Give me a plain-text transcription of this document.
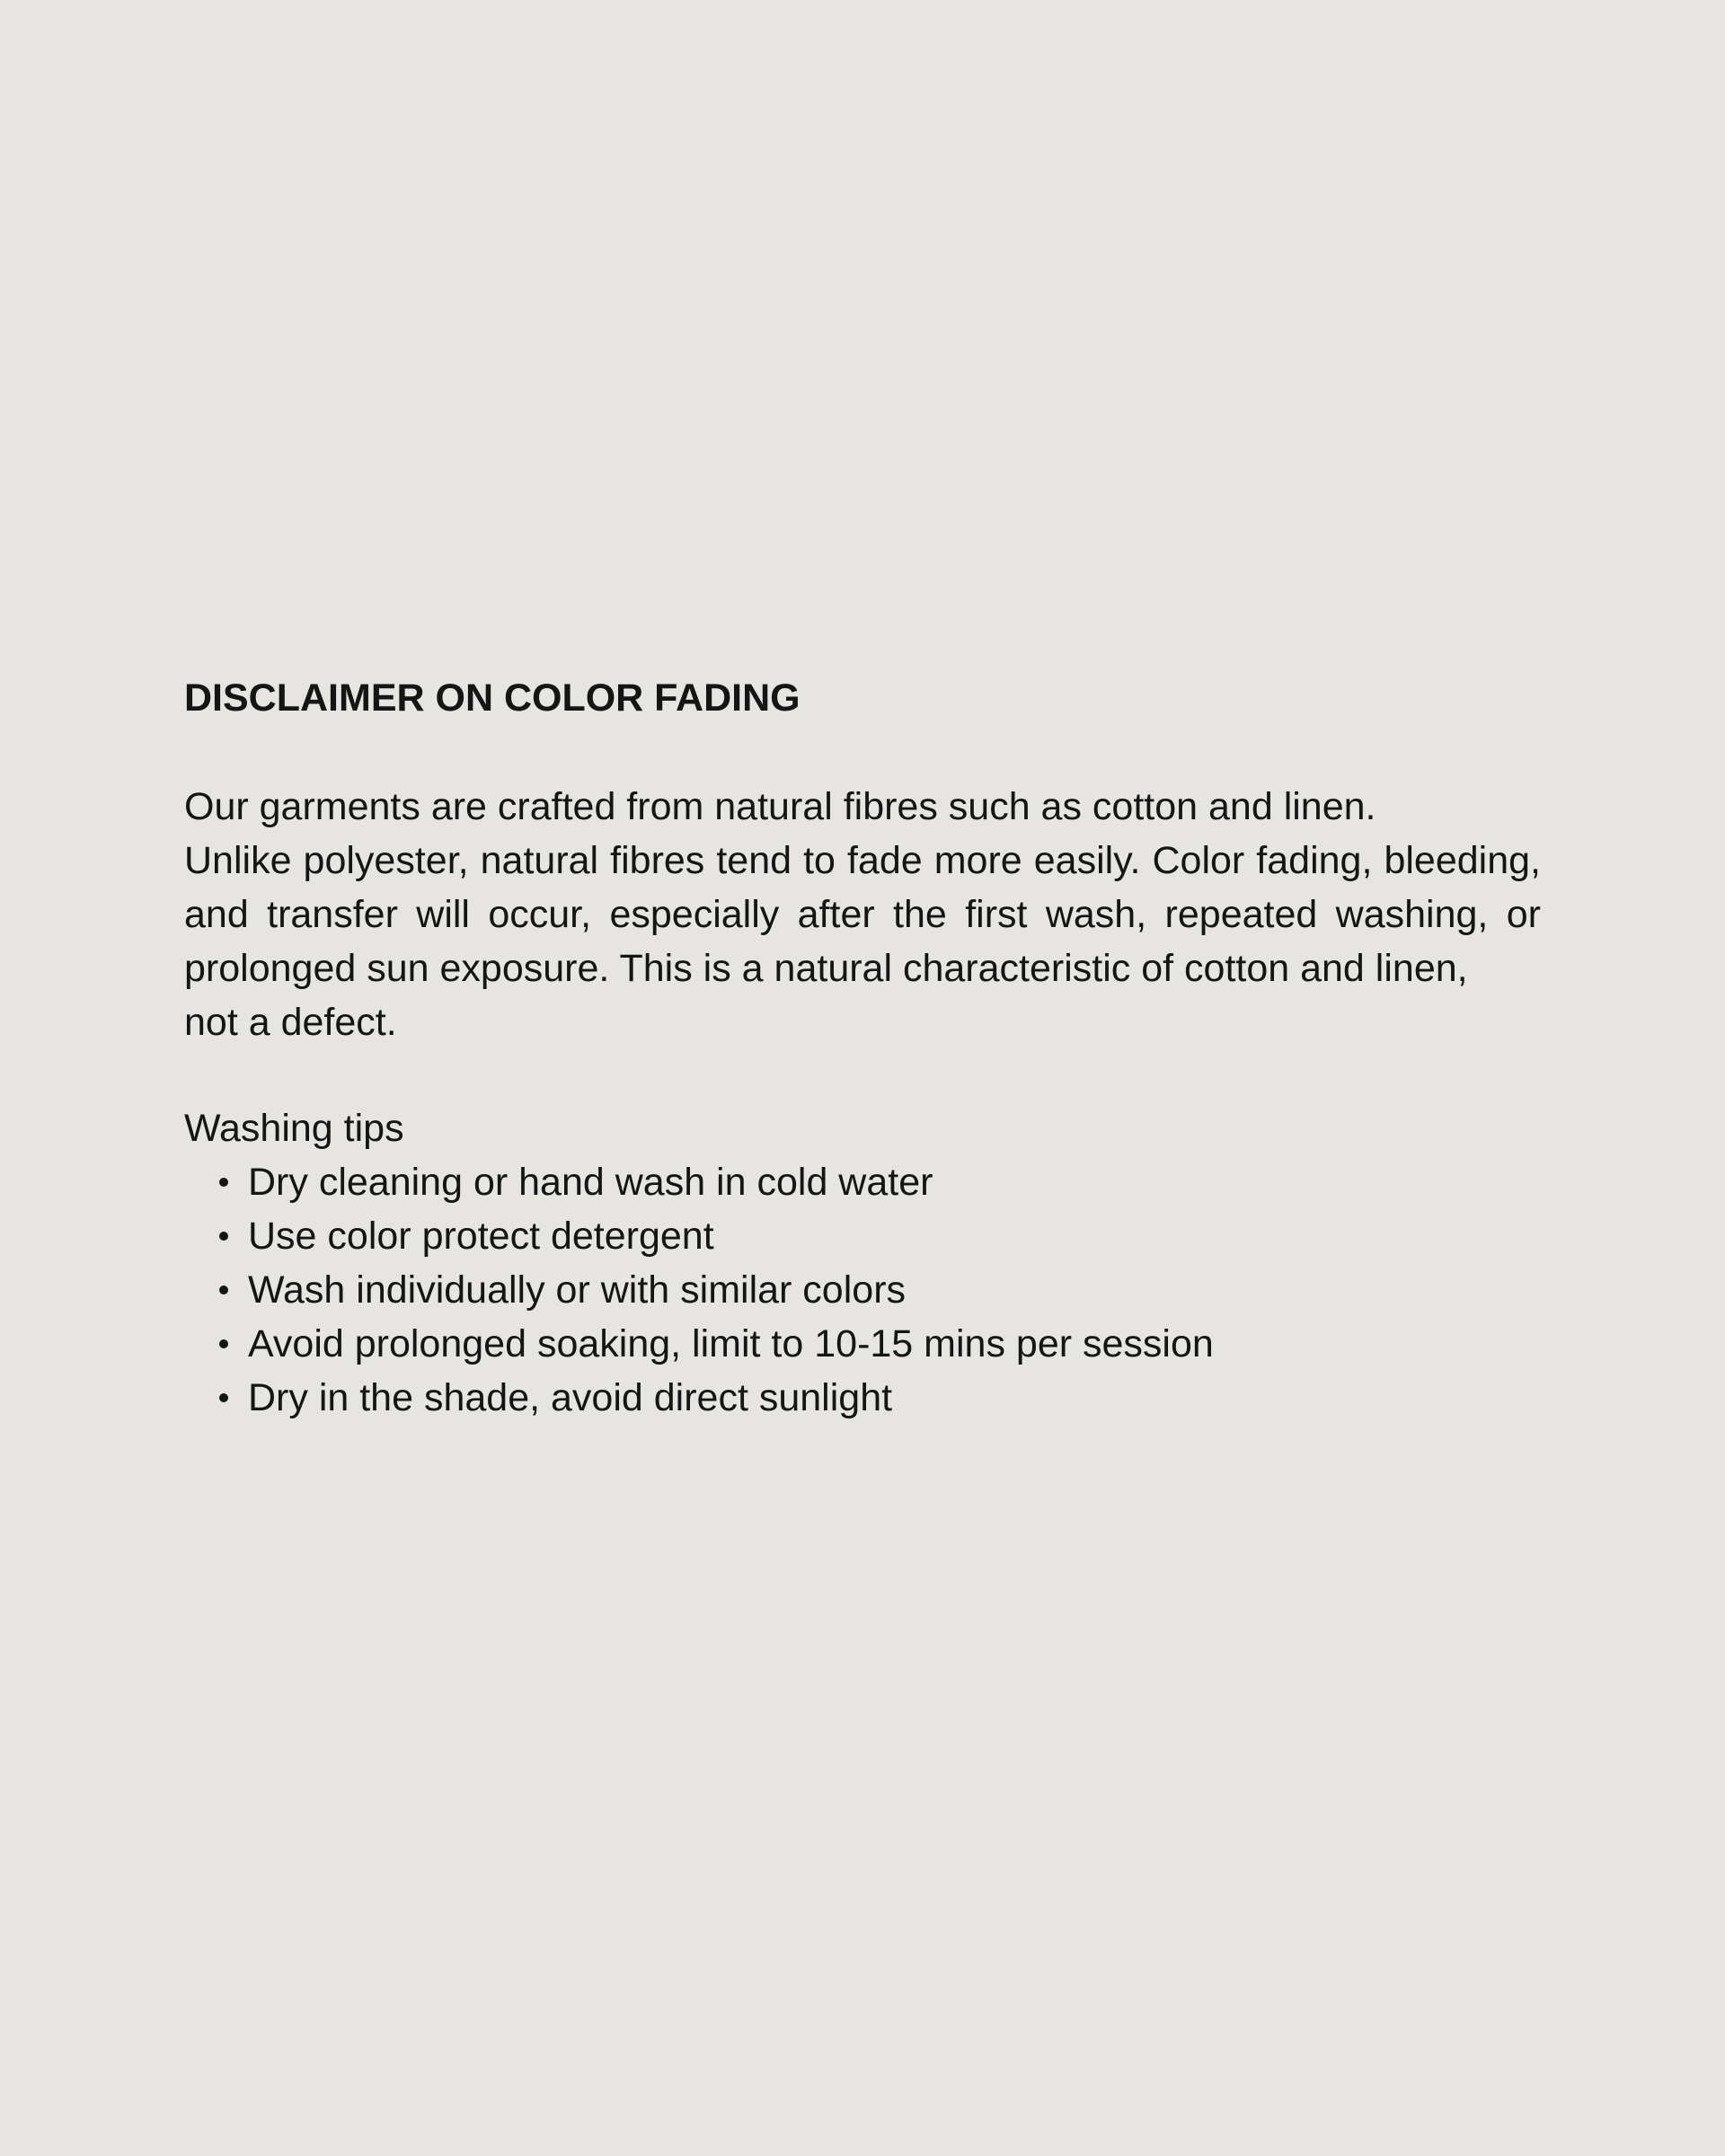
DISCLAIMER ON COLOR FADING
Our garments are crafted from natural fibres such as cotton and linen.
Unlike polyester, natural fibres tend to fade more easily. Color fading, bleeding,
and transfer will occur, especially after the first wash, repeated washing, or
prolonged sun exposure. This is a natural characteristic of cotton and linen,
not a defect.
Washing tips
Dry cleaning or hand wash in cold water
Use color protect detergent
Wash individually or with similar colors
Avoid prolonged soaking, limit to 10-15 mins per session
Dry in the shade, avoid direct sunlight
